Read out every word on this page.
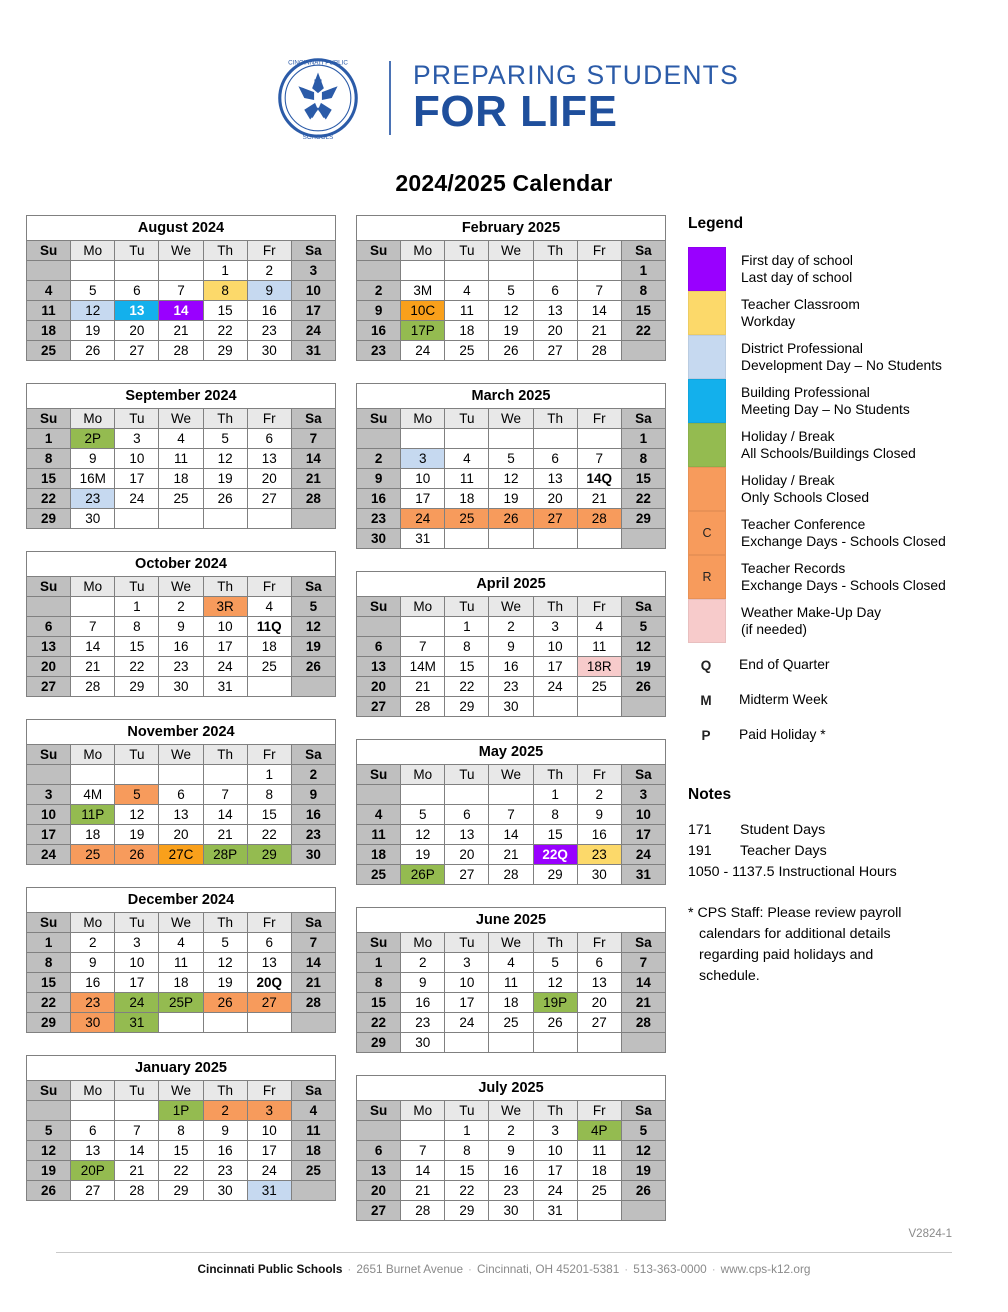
CINCINNATI PUBLIC
SCHOOLS
PREPARING STUDENTS
FOR LIFE
2024/2025 Calendar
August 2024
Su	Mo	Tu	We	Th	Fr	Sa
				1	2	3
4	5	6	7	8	9	10
11	12	13	14	15	16	17
18	19	20	21	22	23	24
25	26	27	28	29	30	31
September 2024
Su	Mo	Tu	We	Th	Fr	Sa
1	2P	3	4	5	6	7
8	9	10	11	12	13	14
15	16M	17	18	19	20	21
22	23	24	25	26	27	28
29	30					
October 2024
Su	Mo	Tu	We	Th	Fr	Sa
		1	2	3R	4	5
6	7	8	9	10	11Q	12
13	14	15	16	17	18	19
20	21	22	23	24	25	26
27	28	29	30	31		
November 2024
Su	Mo	Tu	We	Th	Fr	Sa
					1	2
3	4M	5	6	7	8	9
10	11P	12	13	14	15	16
17	18	19	20	21	22	23
24	25	26	27C	28P	29	30
December 2024
Su	Mo	Tu	We	Th	Fr	Sa
1	2	3	4	5	6	7
8	9	10	11	12	13	14
15	16	17	18	19	20Q	21
22	23	24	25P	26	27	28
29	30	31				
January 2025
Su	Mo	Tu	We	Th	Fr	Sa
			1P	2	3	4
5	6	7	8	9	10	11
12	13	14	15	16	17	18
19	20P	21	22	23	24	25
26	27	28	29	30	31	
February 2025
Su	Mo	Tu	We	Th	Fr	Sa
						1
2	3M	4	5	6	7	8
9	10C	11	12	13	14	15
16	17P	18	19	20	21	22
23	24	25	26	27	28	
March 2025
Su	Mo	Tu	We	Th	Fr	Sa
						1
2	3	4	5	6	7	8
9	10	11	12	13	14Q	15
16	17	18	19	20	21	22
23	24	25	26	27	28	29
30	31					
April 2025
Su	Mo	Tu	We	Th	Fr	Sa
		1	2	3	4	5
6	7	8	9	10	11	12
13	14M	15	16	17	18R	19
20	21	22	23	24	25	26
27	28	29	30			
May 2025
Su	Mo	Tu	We	Th	Fr	Sa
				1	2	3
4	5	6	7	8	9	10
11	12	13	14	15	16	17
18	19	20	21	22Q	23	24
25	26P	27	28	29	30	31
June 2025
Su	Mo	Tu	We	Th	Fr	Sa
1	2	3	4	5	6	7
8	9	10	11	12	13	14
15	16	17	18	19P	20	21
22	23	24	25	26	27	28
29	30					
July 2025
Su	Mo	Tu	We	Th	Fr	Sa
		1	2	3	4P	5
6	7	8	9	10	11	12
13	14	15	16	17	18	19
20	21	22	23	24	25	26
27	28	29	30	31		
Legend
First day of school
Last day of school
Teacher Classroom
Workday
District Professional
Development Day – No Students
Building Professional
Meeting Day – No Students
Holiday / Break
All Schools/Buildings Closed
Holiday / Break
Only Schools Closed
C
Teacher Conference
Exchange Days - Schools Closed
R
Teacher Records
Exchange Days - Schools Closed
Weather Make-Up Day
(if needed)
Q	End of Quarter
M	Midterm Week
P	Paid Holiday *
Notes
171	Student Days
191	Teacher Days
1050 - 1137.5 Instructional Hours
* CPS Staff: Please review payroll
calendars for additional details
regarding paid holidays and
schedule.
V2824-1
Cincinnati Public Schools · 2651 Burnet Avenue · Cincinnati, OH 45201-5381 · 513-363-0000 · www.cps-k12.org
